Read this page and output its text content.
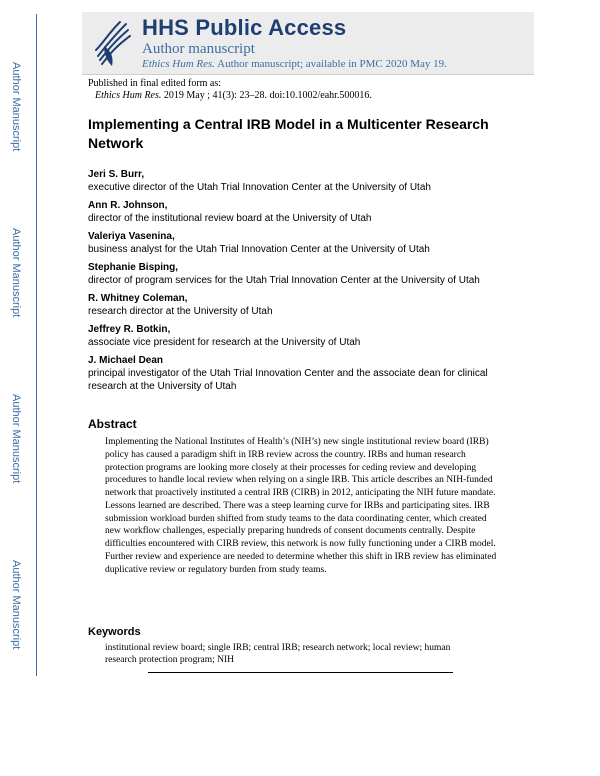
Author Manuscript
Author Manuscript
Author Manuscript
Author Manuscript
HHS Public Access
Author manuscript
Ethics Hum Res. Author manuscript; available in PMC 2020 May 19.
Published in final edited form as:
Ethics Hum Res. 2019 May ; 41(3): 23–28. doi:10.1002/eahr.500016.
Implementing a Central IRB Model in a Multicenter Research Network
Jeri S. Burr,
executive director of the Utah Trial Innovation Center at the University of Utah
Ann R. Johnson,
director of the institutional review board at the University of Utah
Valeriya Vasenina,
business analyst for the Utah Trial Innovation Center at the University of Utah
Stephanie Bisping,
director of program services for the Utah Trial Innovation Center at the University of Utah
R. Whitney Coleman,
research director at the University of Utah
Jeffrey R. Botkin,
associate vice president for research at the University of Utah
J. Michael Dean
principal investigator of the Utah Trial Innovation Center and the associate dean for clinical research at the University of Utah
Abstract
Implementing the National Institutes of Health’s (NIH’s) new single institutional review board (IRB) policy has caused a paradigm shift in IRB review across the country. IRBs and human research protection programs are looking more closely at their processes for ceding review and developing procedures to handle local review when relying on a single IRB. This article describes an NIH-funded network that proactively instituted a central IRB (CIRB) in 2012, anticipating the NIH future mandate. Lessons learned are described. There was a steep learning curve for IRBs and participating sites. IRB submission workload burden shifted from study teams to the data coordinating center, which created new workflow challenges, especially preparing hundreds of consent documents centrally. Despite difficulties encountered with CIRB review, this network is now fully functioning under a CIRB model. Further review and experience are needed to determine whether this shift in IRB review has eliminated duplicative review or regulatory burden from study teams.
Keywords
institutional review board; single IRB; central IRB; research network; local review; human research protection program; NIH
